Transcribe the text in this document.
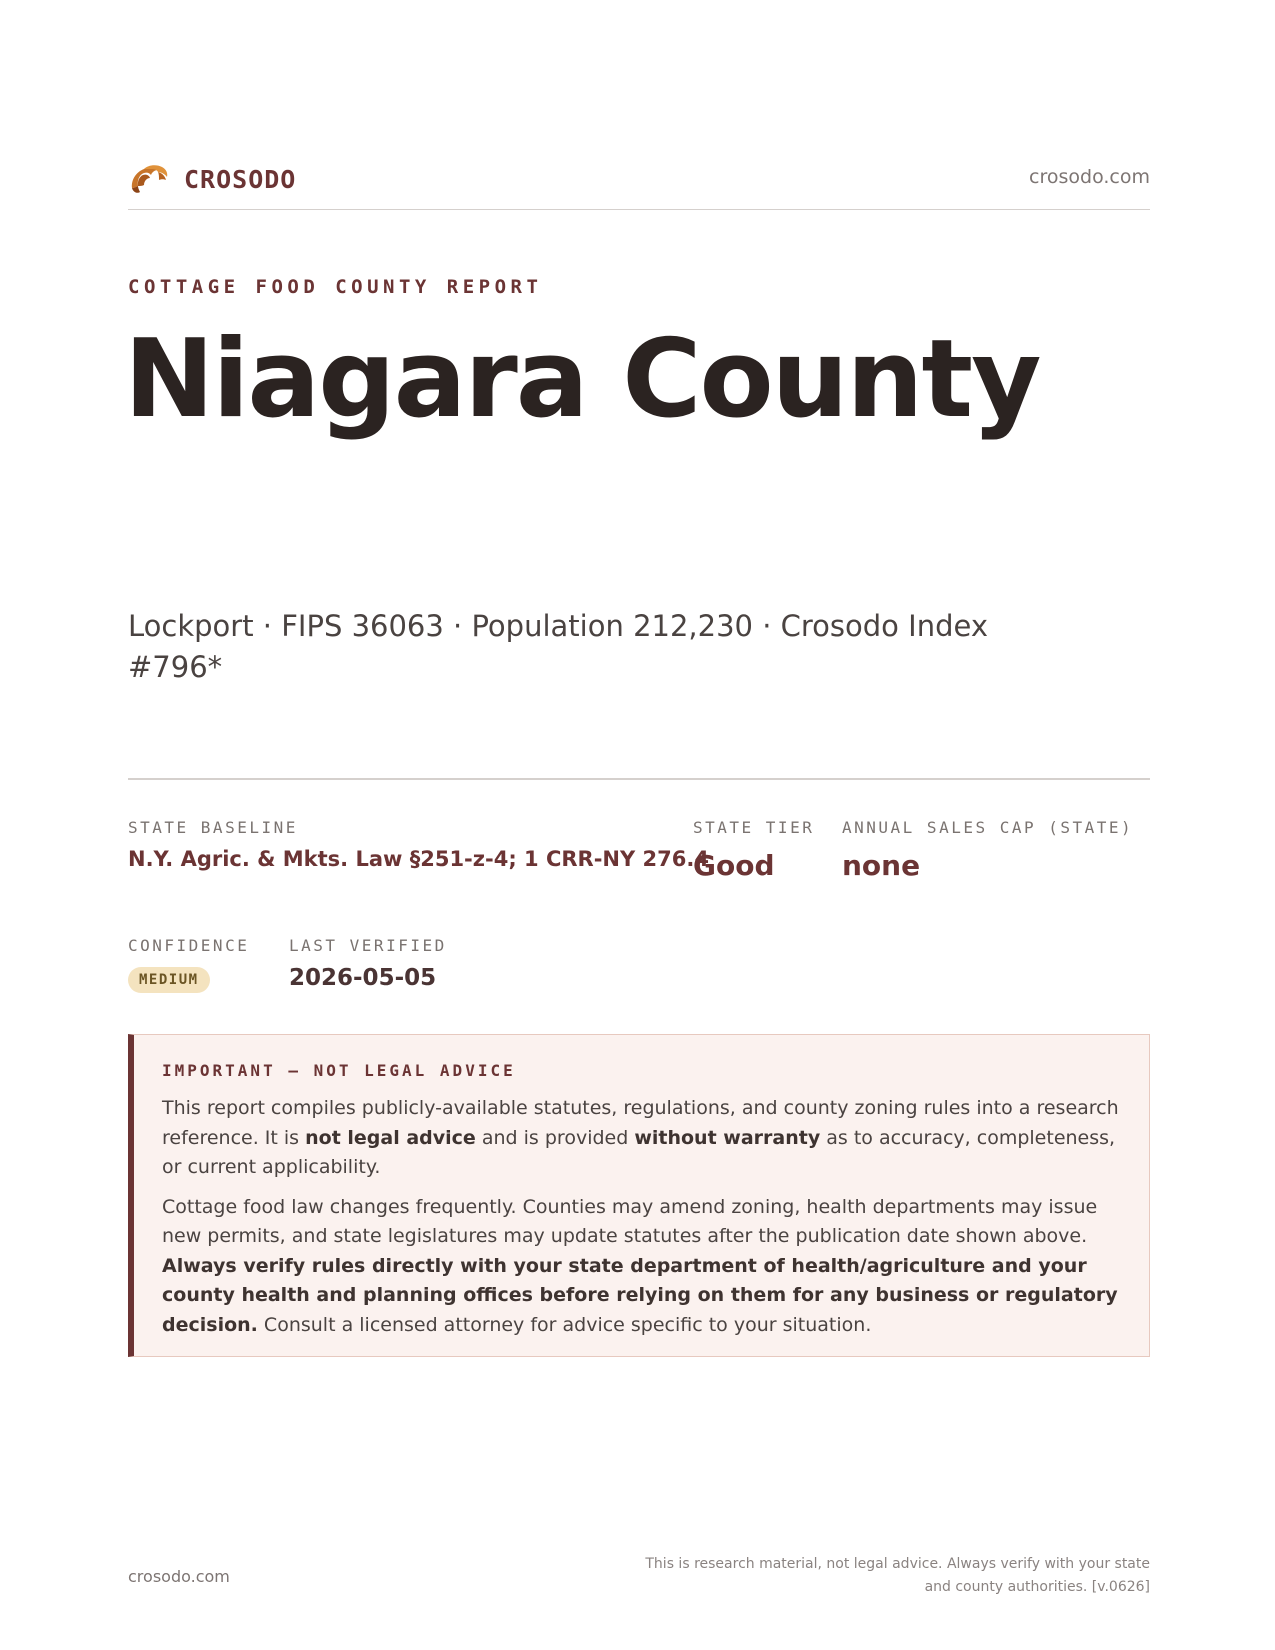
CROSODO	crosodo.com
COTTAGE FOOD COUNTY REPORT
Niagara County
Lockport · FIPS 36063 · Population 212,230 · Crosodo Index #796*
STATE BASELINE
N.Y. Agric. & Mkts. Law §251-z-4; 1 CRR-NY 276.4
STATE TIER
Good
ANNUAL SALES CAP (STATE)
none
CONFIDENCE
MEDIUM
LAST VERIFIED
2026-05-05
IMPORTANT — NOT LEGAL ADVICE

This report compiles publicly-available statutes, regulations, and county zoning rules into a research reference. It is not legal advice and is provided without warranty as to accuracy, completeness, or current applicability.

Cottage food law changes frequently. Counties may amend zoning, health departments may issue new permits, and state legislatures may update statutes after the publication date shown above. Always verify rules directly with your state department of health/agriculture and your county health and planning offices before relying on them for any business or regulatory decision. Consult a licensed attorney for advice specific to your situation.

crosodo.com
This is research material, not legal advice. Always verify with your state
and county authorities. [v.0626]
